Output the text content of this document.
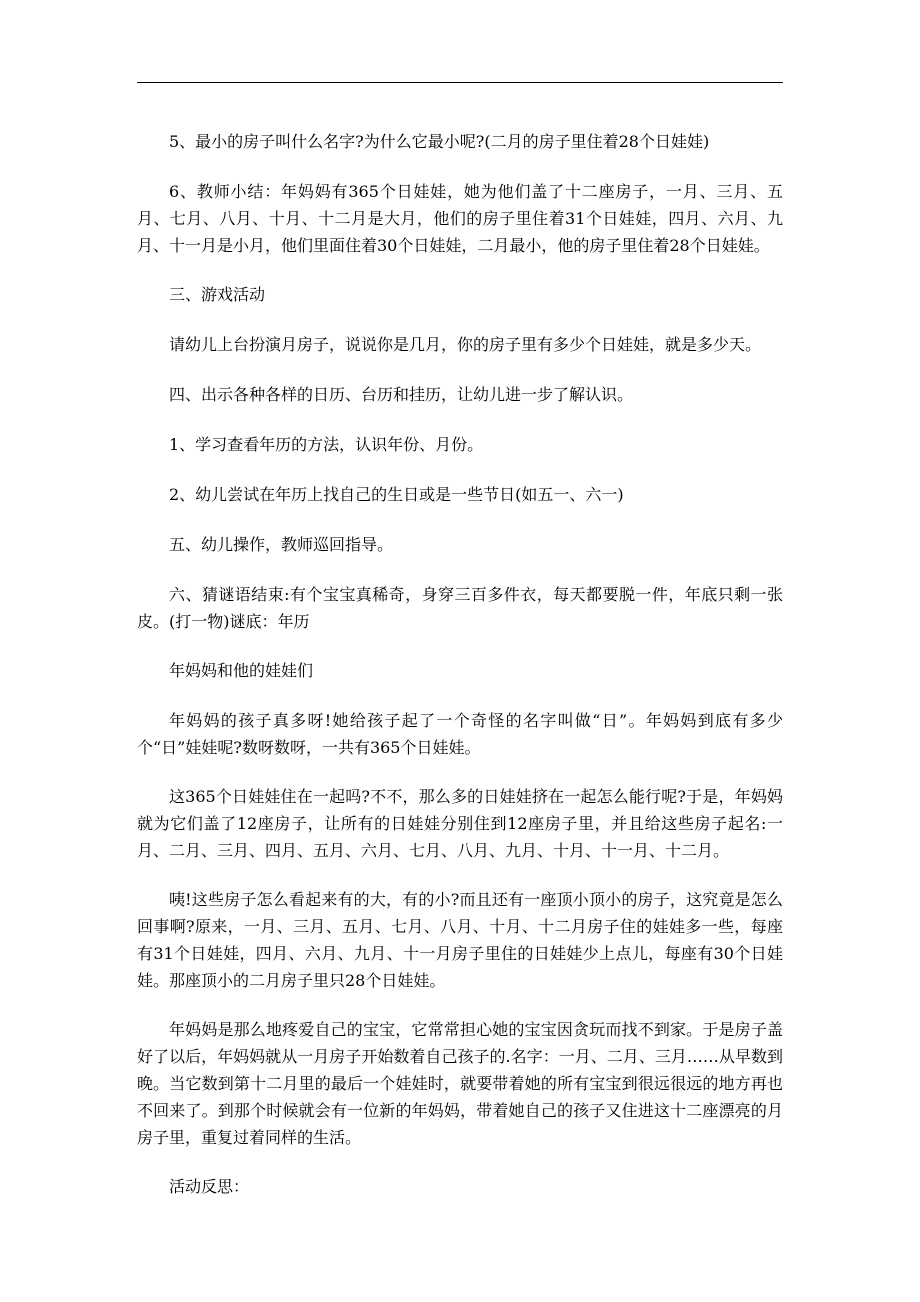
5、最小的房子叫什么名字?为什么它最小呢?(二月的房子里住着28个日娃娃)

6、教师小结：年妈妈有365个日娃娃，她为他们盖了十二座房子，一月、三月、五月、七月、八月、十月、十二月是大月，他们的房子里住着31个日娃娃，四月、六月、九月、十一月是小月，他们里面住着30个日娃娃，二月最小，他的房子里住着28个日娃娃。

三、游戏活动

请幼儿上台扮演月房子，说说你是几月，你的房子里有多少个日娃娃，就是多少天。

四、出示各种各样的日历、台历和挂历，让幼儿进一步了解认识。

1、学习查看年历的方法，认识年份、月份。

2、幼儿尝试在年历上找自己的生日或是一些节日(如五一、六一)

五、幼儿操作，教师巡回指导。

六、猜谜语结束:有个宝宝真稀奇，身穿三百多件衣，每天都要脱一件，年底只剩一张皮。(打一物)谜底：年历

年妈妈和他的娃娃们

年妈妈的孩子真多呀!她给孩子起了一个奇怪的名字叫做“日”。年妈妈到底有多少个“日”娃娃呢?数呀数呀，一共有365个日娃娃。

这365个日娃娃住在一起吗?不不，那么多的日娃娃挤在一起怎么能行呢?于是，年妈妈就为它们盖了12座房子，让所有的日娃娃分别住到12座房子里，并且给这些房子起名:一月、二月、三月、四月、五月、六月、七月、八月、九月、十月、十一月、十二月。

咦!这些房子怎么看起来有的大，有的小?而且还有一座顶小顶小的房子，这究竟是怎么回事啊?原来，一月、三月、五月、七月、八月、十月、十二月房子住的娃娃多一些，每座有31个日娃娃，四月、六月、九月、十一月房子里住的日娃娃少上点儿，每座有30个日娃娃。那座顶小的二月房子里只28个日娃娃。

年妈妈是那么地疼爱自己的宝宝，它常常担心她的宝宝因贪玩而找不到家。于是房子盖好了以后，年妈妈就从一月房子开始数着自己孩子的.名字：一月、二月、三月……从早数到晚。当它数到第十二月里的最后一个娃娃时，就要带着她的所有宝宝到很远很远的地方再也不回来了。到那个时候就会有一位新的年妈妈，带着她自己的孩子又住进这十二座漂亮的月房子里，重复过着同样的生活。

活动反思：
